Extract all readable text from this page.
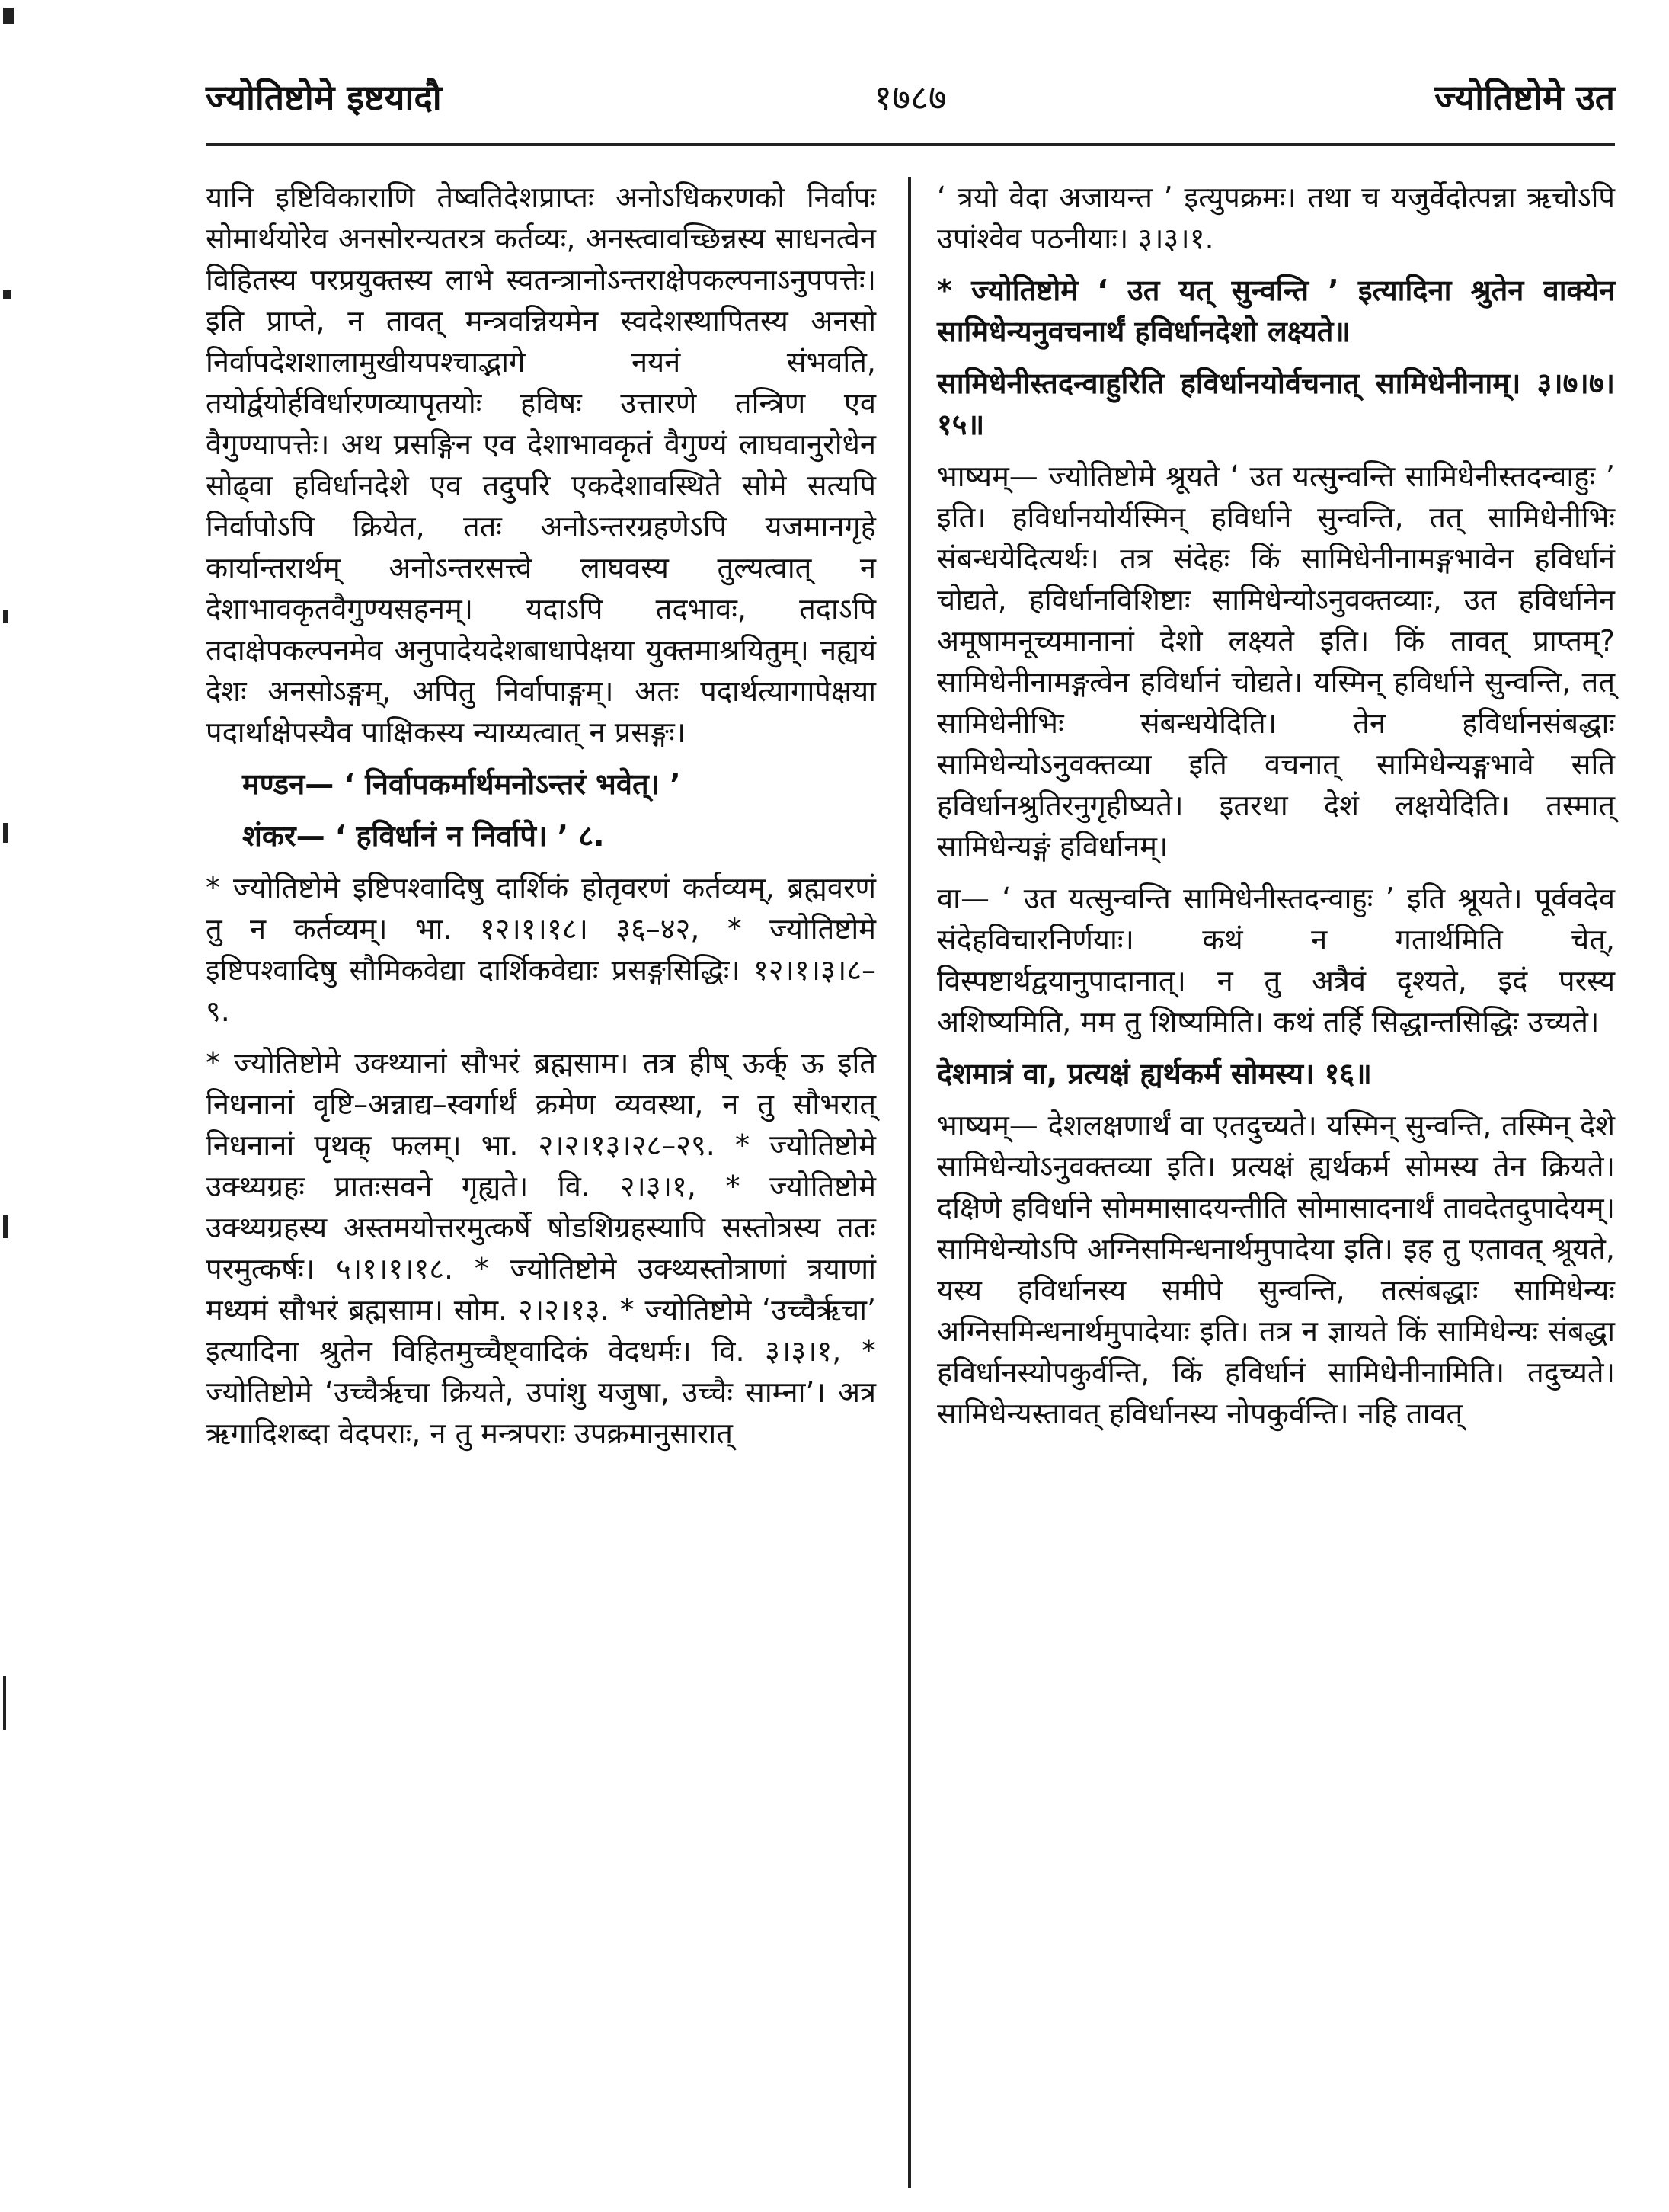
ज्योतिष्टोमे इष्टयादौ	१७८७	ज्योतिष्टोमे उत

यानि इष्टिविकाराणि तेष्वतिदेशप्राप्तः अनोऽधिकरणको निर्वापः सोमार्थयोरेव अनसोरन्यतरत्र कर्तव्यः, अनस्त्वावच्छिन्नस्य साधनत्वेन विहितस्य परप्रयुक्तस्य लाभे स्वतन्त्रानोऽन्तराक्षेपकल्पनाऽनुपपत्तेः। इति प्राप्ते, न तावत् मन्त्रवन्नियमेन स्वदेशस्थापितस्य अनसो निर्वापदेशशालामुखीयपश्चाद्भागे नयनं संभवति, तयोर्द्वयोर्हविर्धारणव्यापृतयोः हविषः उत्तारणे तन्त्रिण एव वैगुण्यापत्तेः। अथ प्रसङ्गिन एव देशाभावकृतं वैगुण्यं लाघवानुरोधेन सोढ्वा हविर्धानदेशे एव तदुपरि एकदेशावस्थिते सोमे सत्यपि निर्वापोऽपि क्रियेत, ततः अनोऽन्तरग्रहणेऽपि यजमानगृहे कार्यान्तरार्थम् अनोऽन्तरसत्त्वे लाघवस्य तुल्यत्वात् न देशाभावकृतवैगुण्यसहनम्। यदाऽपि तदभावः, तदाऽपि तदाक्षेपकल्पनमेव अनुपादेयदेशबाधापेक्षया युक्तमाश्रयितुम्। नह्ययं देशः अनसोऽङ्गम्, अपितु निर्वापाङ्गम्। अतः पदार्थत्यागापेक्षया पदार्थाक्षेपस्यैव पाक्षिकस्य न्याय्यत्वात् न प्रसङ्गः।

मण्डन— ‘ निर्वापकर्मार्थमनोऽन्तरं भवेत्। ’

शंकर— ‘ हविर्धानं न निर्वापे। ’ ८.

* ज्योतिष्टोमे इष्टिपश्वादिषु दार्शिकं होतृवरणं कर्तव्यम्, ब्रह्मवरणं तु न कर्तव्यम्। भा. १२।१।१८। ३६–४२, * ज्योतिष्टोमे इष्टिपश्वादिषु सौमिकवेद्या दार्शिकवेद्याः प्रसङ्गसिद्धिः। १२।१।३।८–९.

* ज्योतिष्टोमे उक्थ्यानां सौभरं ब्रह्मसाम। तत्र हीष् ऊर्क् ऊ इति निधनानां वृष्टि–अन्नाद्य–स्वर्गार्थं क्रमेण व्यवस्था, न तु सौभरात् निधनानां पृथक् फलम्। भा. २।२।१३।२८–२९. * ज्योतिष्टोमे उक्थ्यग्रहः प्रातःसवने गृह्यते। वि. २।३।१, * ज्योतिष्टोमे उक्थ्यग्रहस्य अस्तमयोत्तरमुत्कर्षे षोडशिग्रहस्यापि सस्तोत्रस्य ततः परमुत्कर्षः। ५।१।१।१८. * ज्योतिष्टोमे उक्थ्यस्तोत्राणां त्रयाणां मध्यमं सौभरं ब्रह्मसाम। सोम. २।२।१३. * ज्योतिष्टोमे ‘उच्चैर्ऋचा’ इत्यादिना श्रुतेन विहितमुच्चैष्ट्वादिकं वेदधर्मः। वि. ३।३।१, * ज्योतिष्टोमे ‘उच्चैर्ऋचा क्रियते, उपांशु यजुषा, उच्चैः साम्ना’। अत्र ऋगादिशब्दा वेदपराः, न तु मन्त्रपराः उपक्रमानुसारात्

‘ त्रयो वेदा अजायन्त ’ इत्युपक्रमः। तथा च यजुर्वेदोत्पन्ना ऋचोऽपि उपांश्वेव पठनीयाः। ३।३।१.

* ज्योतिष्टोमे ‘ उत यत् सुन्वन्ति ’ इत्यादिना श्रुतेन वाक्येन सामिधेन्यनुवचनार्थं हविर्धानदेशो लक्ष्यते॥

सामिधेनीस्तदन्वाहुरिति हविर्धानयोर्वचनात् सामिधेनीनाम्। ३।७।७।१५॥

भाष्यम्— ज्योतिष्टोमे श्रूयते ‘ उत यत्सुन्वन्ति सामिधेनीस्तदन्वाहुः ’ इति। हविर्धानयोर्यस्मिन् हविर्धाने सुन्वन्ति, तत् सामिधेनीभिः संबन्धयेदित्यर्थः। तत्र संदेहः किं सामिधेनीनामङ्गभावेन हविर्धानं चोद्यते, हविर्धानविशिष्टाः सामिधेन्योऽनुवक्तव्याः, उत हविर्धानेन अमूषामनूच्यमानानां देशो लक्ष्यते इति। किं तावत् प्राप्तम्? सामिधेनीनामङ्गत्वेन हविर्धानं चोद्यते। यस्मिन् हविर्धाने सुन्वन्ति, तत् सामिधेनीभिः संबन्धयेदिति। तेन हविर्धानसंबद्धाः सामिधेन्योऽनुवक्तव्या इति वचनात् सामिधेन्यङ्गभावे सति हविर्धानश्रुतिरनुगृहीष्यते। इतरथा देशं लक्षयेदिति। तस्मात् सामिधेन्यङ्गं हविर्धानम्।

वा— ‘ उत यत्सुन्वन्ति सामिधेनीस्तदन्वाहुः ’ इति श्रूयते। पूर्ववदेव संदेहविचारनिर्णयाः। कथं न गतार्थमिति चेत्, विस्पष्टार्थद्वयानुपादानात्। न तु अत्रैवं दृश्यते, इदं परस्य अशिष्यमिति, मम तु शिष्यमिति। कथं तर्हि सिद्धान्तसिद्धिः उच्यते।

देशमात्रं वा, प्रत्यक्षं ह्यर्थकर्म सोमस्य। १६॥

भाष्यम्— देशलक्षणार्थं वा एतदुच्यते। यस्मिन् सुन्वन्ति, तस्मिन् देशे सामिधेन्योऽनुवक्तव्या इति। प्रत्यक्षं ह्यर्थकर्म सोमस्य तेन क्रियते। दक्षिणे हविर्धाने सोममासादयन्तीति सोमासादनार्थं तावदेतदुपादेयम्। सामिधेन्योऽपि अग्निसमिन्धनार्थमुपादेया इति। इह तु एतावत् श्रूयते, यस्य हविर्धानस्य समीपे सुन्वन्ति, तत्संबद्धाः सामिधेन्यः अग्निसमिन्धनार्थमुपादेयाः इति। तत्र न ज्ञायते किं सामिधेन्यः संबद्धा हविर्धानस्योपकुर्वन्ति, किं हविर्धानं सामिधेनीनामिति। तदुच्यते। सामिधेन्यस्तावत् हविर्धानस्य नोपकुर्वन्ति। नहि तावत्
